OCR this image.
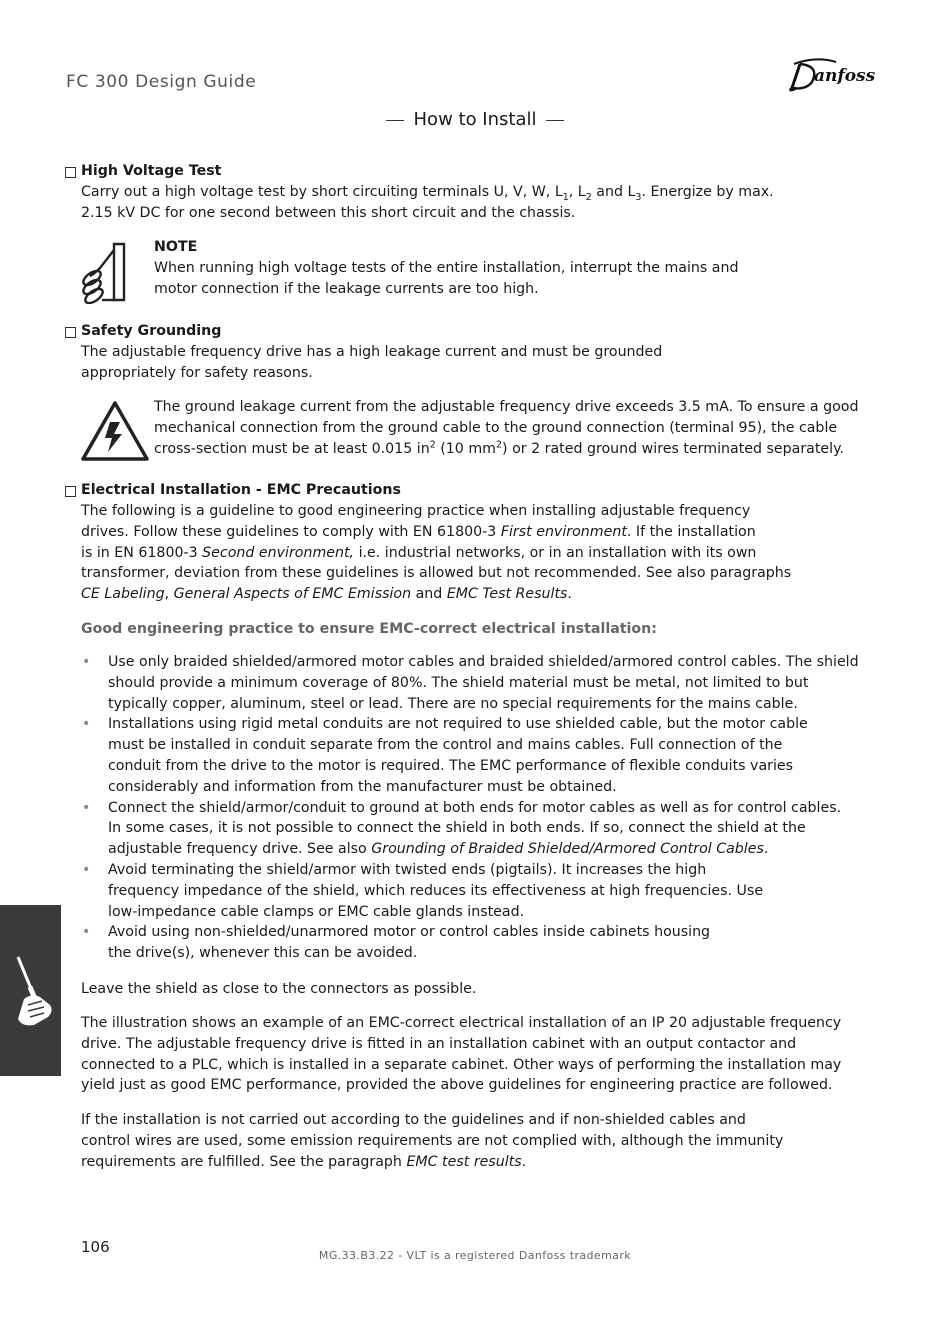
FC 300 Design Guide	anfoss
How to Install
High Voltage Test

Carry out a high voltage test by short circuiting terminals U, V, W, $L_1$, $L_2$ and $L_3$. Energize by max.

2.15 kV DC for one second between this short circuit and the chassis.

NOTE
When running high voltage tests of the entire installation, interrupt the mains and
motor connection if the leakage currents are too high.
Safety Grounding

The adjustable frequency drive has a high leakage current and must be grounded

appropriately for safety reasons.

The ground leakage current from the adjustable frequency drive exceeds 3.5 mA. To ensure a good
mechanical connection from the ground cable to the ground connection (terminal 95), the cable
cross-section must be at least 0.015 $in^2$ (10 $mm^2$) or 2 rated ground wires terminated separately.
Electrical Installation - EMC Precautions

The following is a guideline to good engineering practice when installing adjustable frequency

drives. Follow these guidelines to comply with EN 61800-3 First environment. If the installation

is in EN 61800-3 Second environment, i.e. industrial networks, or in an installation with its own

transformer, deviation from these guidelines is allowed but not recommended. See also paragraphs

CE Labeling, General Aspects of EMC Emission and EMC Test Results.

Good engineering practice to ensure EMC-correct electrical installation:
• Use only braided shielded/armored motor cables and braided shielded/armored control cables. The shield
should provide a minimum coverage of 80%. The shield material must be metal, not limited to but
typically copper, aluminum, steel or lead. There are no special requirements for the mains cable.
• Installations using rigid metal conduits are not required to use shielded cable, but the motor cable
must be installed in conduit separate from the control and mains cables. Full connection of the
conduit from the drive to the motor is required. The EMC performance of flexible conduits varies
considerably and information from the manufacturer must be obtained.
• Connect the shield/armor/conduit to ground at both ends for motor cables as well as for control cables.
In some cases, it is not possible to connect the shield in both ends. If so, connect the shield at the
adjustable frequency drive. See also Grounding of Braided Shielded/Armored Control Cables.
• Avoid terminating the shield/armor with twisted ends (pigtails). It increases the high
frequency impedance of the shield, which reduces its effectiveness at high frequencies. Use
low-impedance cable clamps or EMC cable glands instead.
• Avoid using non-shielded/unarmored motor or control cables inside cabinets housing
the drive(s), whenever this can be avoided.
Leave the shield as close to the connectors as possible.

The illustration shows an example of an EMC-correct electrical installation of an IP 20 adjustable frequency

drive. The adjustable frequency drive is fitted in an installation cabinet with an output contactor and

connected to a PLC, which is installed in a separate cabinet. Other ways of performing the installation may

yield just as good EMC performance, provided the above guidelines for engineering practice are followed.

If the installation is not carried out according to the guidelines and if non-shielded cables and

control wires are used, some emission requirements are not complied with, although the immunity

requirements are fulfilled. See the paragraph EMC test results.

106	MG.33.B3.22 - VLT is a registered Danfoss trademark
